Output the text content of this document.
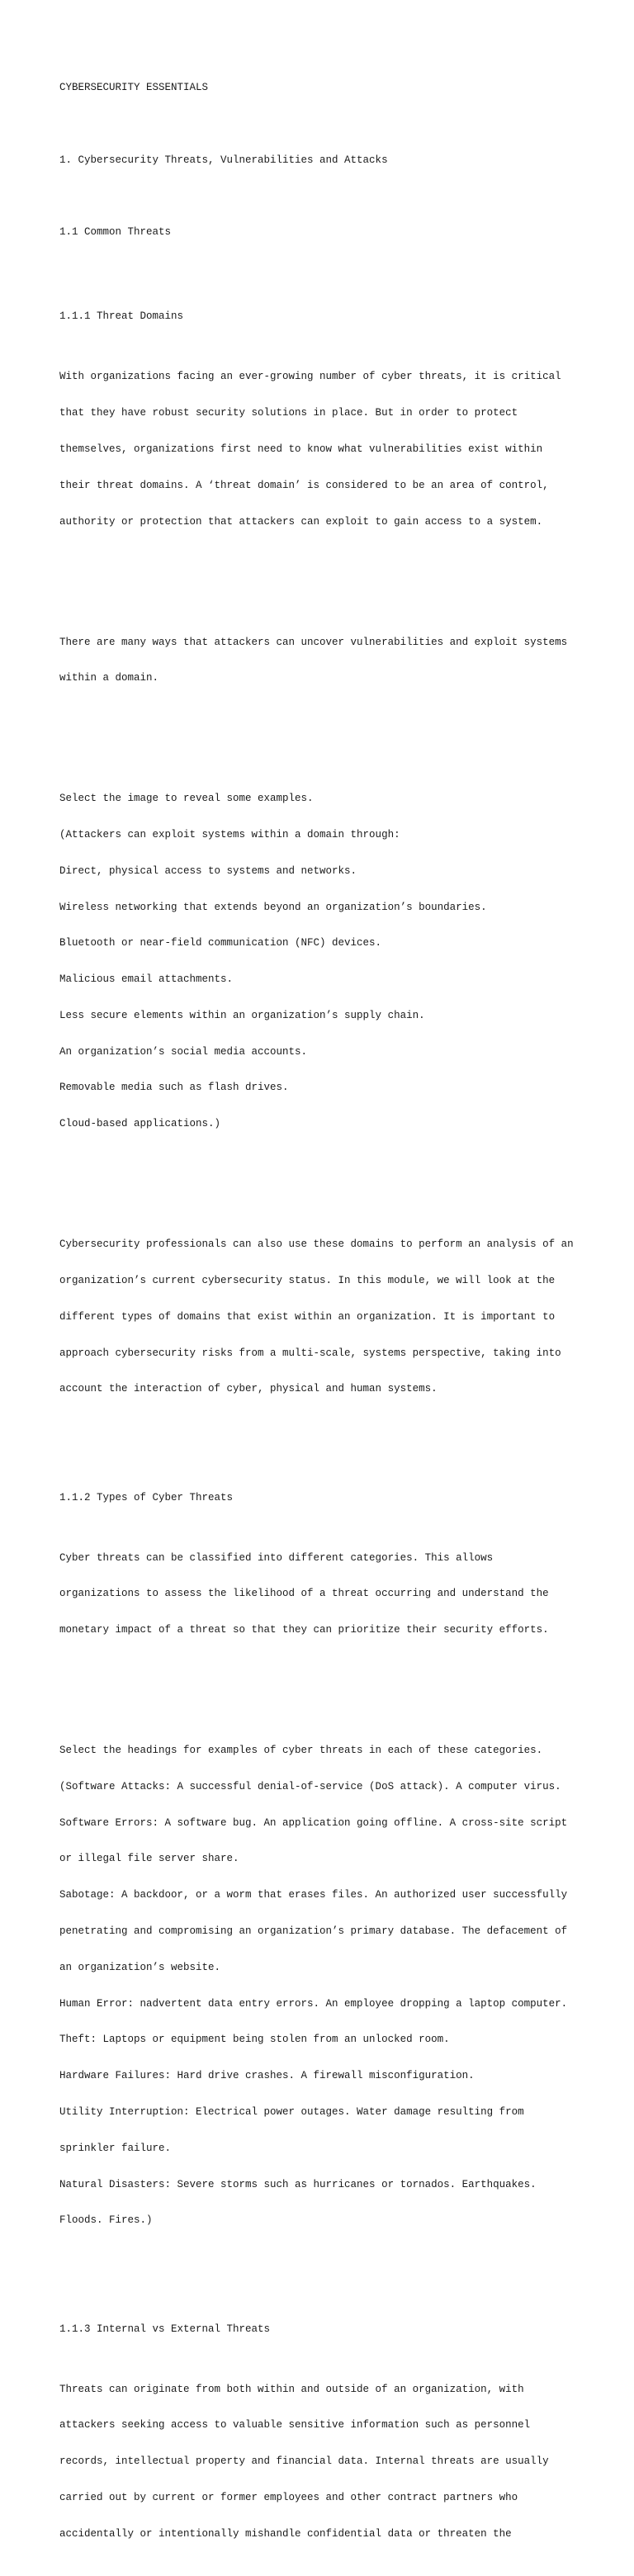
CYBERSECURITY ESSENTIALS

1. Cybersecurity Threats, Vulnerabilities and Attacks

1.1 Common Threats

1.1.1 Threat Domains

With organizations facing an ever-growing number of cyber threats, it is critical

that they have robust security solutions in place. But in order to protect

themselves, organizations first need to know what vulnerabilities exist within

their threat domains. A ‘threat domain’ is considered to be an area of control,

authority or protection that attackers can exploit to gain access to a system.

There are many ways that attackers can uncover vulnerabilities and exploit systems

within a domain.

Select the image to reveal some examples.

(Attackers can exploit systems within a domain through:

Direct, physical access to systems and networks.

Wireless networking that extends beyond an organization’s boundaries.

Bluetooth or near-field communication (NFC) devices.

Malicious email attachments.

Less secure elements within an organization’s supply chain.

An organization’s social media accounts.

Removable media such as flash drives.

Cloud-based applications.)

Cybersecurity professionals can also use these domains to perform an analysis of an

organization’s current cybersecurity status. In this module, we will look at the

different types of domains that exist within an organization. It is important to

approach cybersecurity risks from a multi-scale, systems perspective, taking into

account the interaction of cyber, physical and human systems.

1.1.2 Types of Cyber Threats

Cyber threats can be classified into different categories. This allows

organizations to assess the likelihood of a threat occurring and understand the

monetary impact of a threat so that they can prioritize their security efforts.

Select the headings for examples of cyber threats in each of these categories.

(Software Attacks: A successful denial-of-service (DoS attack). A computer virus.

Software Errors: A software bug. An application going offline. A cross-site script

or illegal file server share.

Sabotage: A backdoor, or a worm that erases files. An authorized user successfully

penetrating and compromising an organization’s primary database. The defacement of

an organization’s website.

Human Error: nadvertent data entry errors. An employee dropping a laptop computer.

Theft: Laptops or equipment being stolen from an unlocked room.

Hardware Failures: Hard drive crashes. A firewall misconfiguration.

Utility Interruption: Electrical power outages. Water damage resulting from

sprinkler failure.

Natural Disasters: Severe storms such as hurricanes or tornados. Earthquakes.

Floods. Fires.)

1.1.3 Internal vs External Threats

Threats can originate from both within and outside of an organization, with

attackers seeking access to valuable sensitive information such as personnel

records, intellectual property and financial data. Internal threats are usually

carried out by current or former employees and other contract partners who

accidentally or intentionally mishandle confidential data or threaten the
